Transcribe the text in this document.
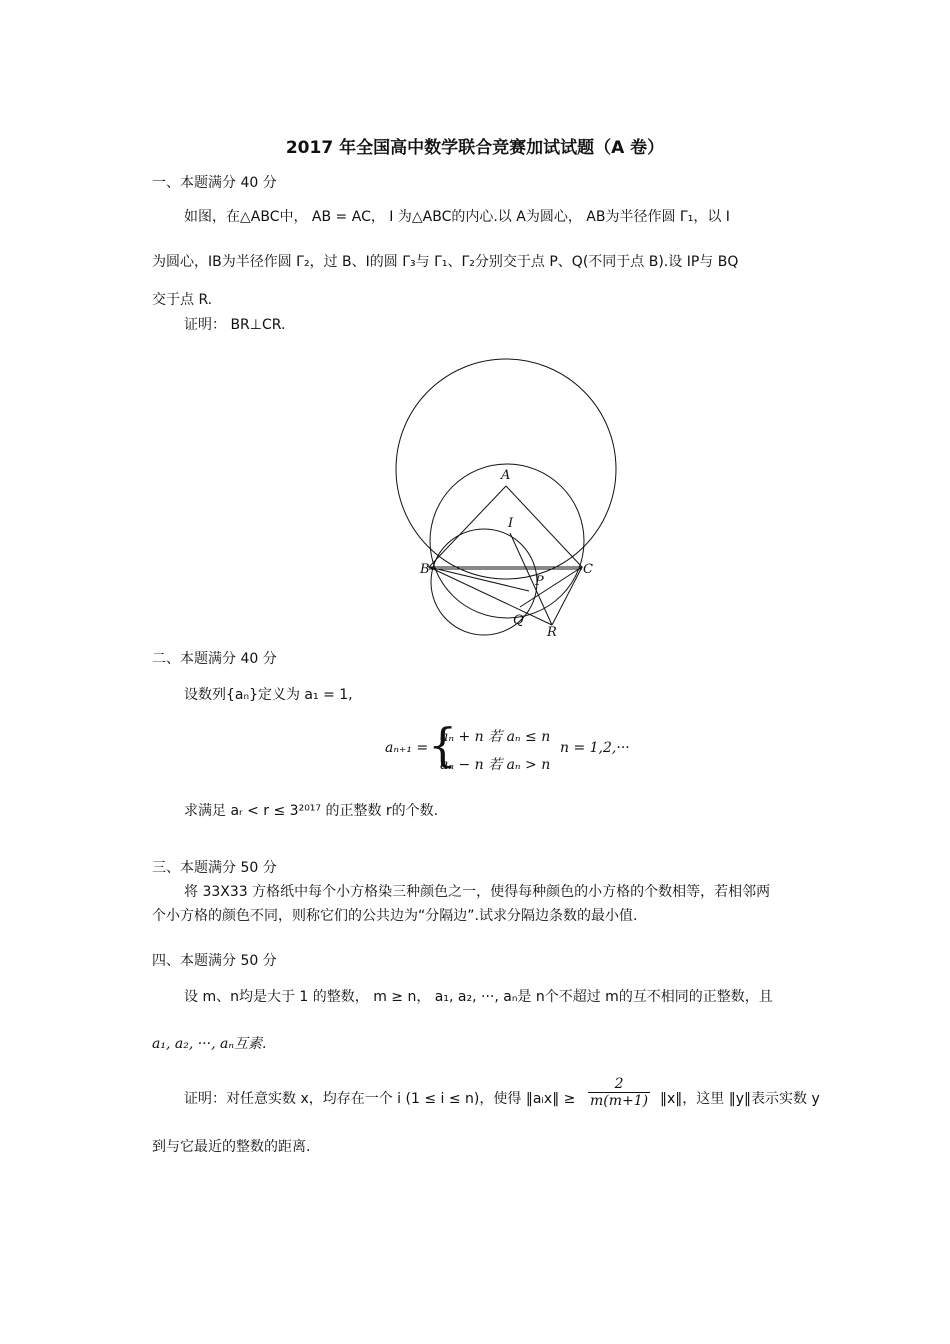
2017 年全国高中数学联合竞赛加试试题（A 卷）
一、本题满分 40 分
如图，在△ABC中， AB = AC， I 为△ABC的内心.以 A为圆心， AB为半径作圆 Γ₁，以 I
为圆心，IB为半径作圆 Γ₂，过 B、I的圆 Γ₃与 Γ₁、Γ₂分别交于点 P、Q(不同于点 B).设 IP与 BQ
交于点 R.
证明： BR⊥CR.
A
I
B	C
P
Q
R
二、本题满分 40 分
设数列{aₙ}定义为 a₁ = 1,
aₙ₊₁ = {
aₙ + n 若 aₙ ≤ n
aₙ − n 若 aₙ > n
n = 1,2,···
求满足 aᵣ < r ≤ 3²⁰¹⁷ 的正整数 r的个数.
三、本题满分 50 分
将 33X33 方格纸中每个小方格染三种颜色之一，使得每种颜色的小方格的个数相等，若相邻两
个小方格的颜色不同，则称它们的公共边为“分隔边”.试求分隔边条数的最小值.
四、本题满分 50 分
设 m、n均是大于 1 的整数， m ≥ n， a₁, a₂, ···, aₙ是 n个不超过 m的互不相同的正整数，且
a₁, a₂, ···, aₙ互素.
证明：对任意实数 x，均存在一个 i (1 ≤ i ≤ n)，使得 ‖aᵢx‖ ≥ $\frac{2}{m(m+1)}$ ‖x‖，这里 ‖y‖表示实数 y
到与它最近的整数的距离.
